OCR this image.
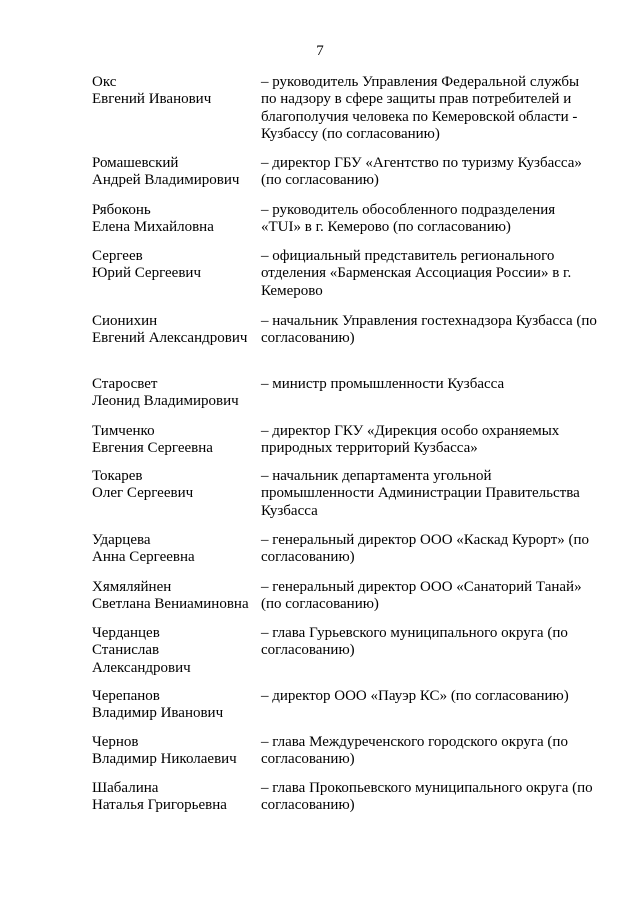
7
Окс
Евгений Иванович
– руководитель Управления Федеральной службы по надзору в сфере защиты прав потребителей и благополучия человека по Кемеровской области - Кузбассу (по согласованию)
Ромашевский
Андрей Владимирович
– директор ГБУ «Агентство по туризму Кузбасса» (по согласованию)
Рябоконь
Елена Михайловна
– руководитель обособленного подразделения «TUI» в г. Кемерово (по согласованию)
Сергеев
Юрий Сергеевич
– официальный представитель регионального отделения «Барменская Ассоциация России» в г. Кемерово
Сионихин
Евгений Александрович
– начальник Управления гостехнадзора Кузбасса (по согласованию)
Старосвет
Леонид Владимирович
– министр промышленности Кузбасса
Тимченко
Евгения Сергеевна
– директор ГКУ «Дирекция особо охраняемых природных территорий Кузбасса»
Токарев
Олег Сергеевич
– начальник департамента угольной промышленности Администрации Правительства Кузбасса
Ударцева
Анна Сергеевна
– генеральный директор ООО «Каскад Курорт» (по согласованию)
Хямяляйнен
Светлана Вениаминовна
– генеральный директор ООО «Санаторий Танай» (по согласованию)
Черданцев
Станислав
Александрович
– глава Гурьевского муниципального округа (по согласованию)
Черепанов
Владимир Иванович
– директор ООО «Пауэр КС» (по согласованию)
Чернов
Владимир Николаевич
– глава Междуреченского городского округа (по согласованию)
Шабалина
Наталья Григорьевна
– глава Прокопьевского муниципального округа (по согласованию)
